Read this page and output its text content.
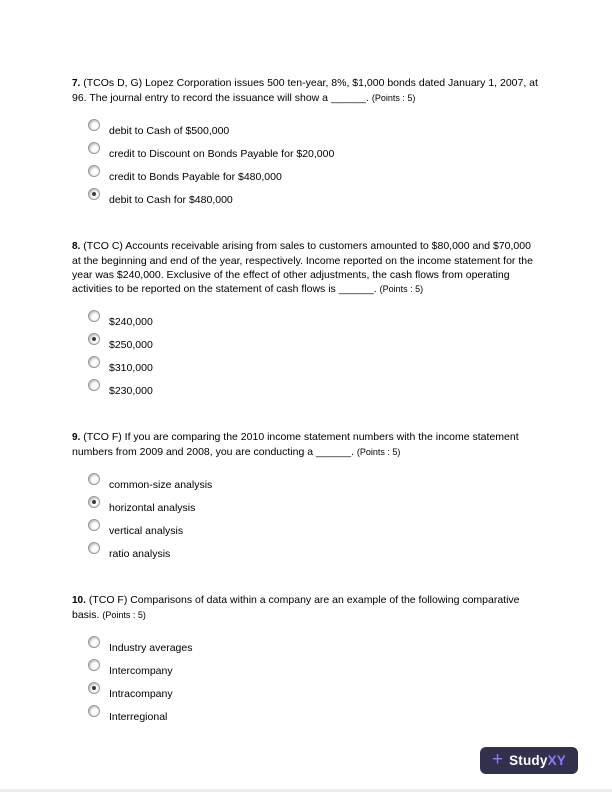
7. (TCOs D, G) Lopez Corporation issues 500 ten-year, 8%, $1,000 bonds dated January 1, 2007, at 96. The journal entry to record the issuance will show a ______. (Points : 5)

debit to Cash of $500,000
credit to Discount on Bonds Payable for $20,000
credit to Bonds Payable for $480,000
debit to Cash for $480,000

8. (TCO C) Accounts receivable arising from sales to customers amounted to $80,000 and $70,000 at the beginning and end of the year, respectively. Income reported on the income statement for the year was $240,000. Exclusive of the effect of other adjustments, the cash flows from operating activities to be reported on the statement of cash flows is ______. (Points : 5)

$240,000
$250,000
$310,000
$230,000

9. (TCO F) If you are comparing the 2010 income statement numbers with the income statement numbers from 2009 and 2008, you are conducting a ______. (Points : 5)

common-size analysis
horizontal analysis
vertical analysis
ratio analysis

10. (TCO F) Comparisons of data within a company are an example of the following comparative basis. (Points : 5)

Industry averages
Intercompany
Intracompany
Interregional
+ StudyXY
